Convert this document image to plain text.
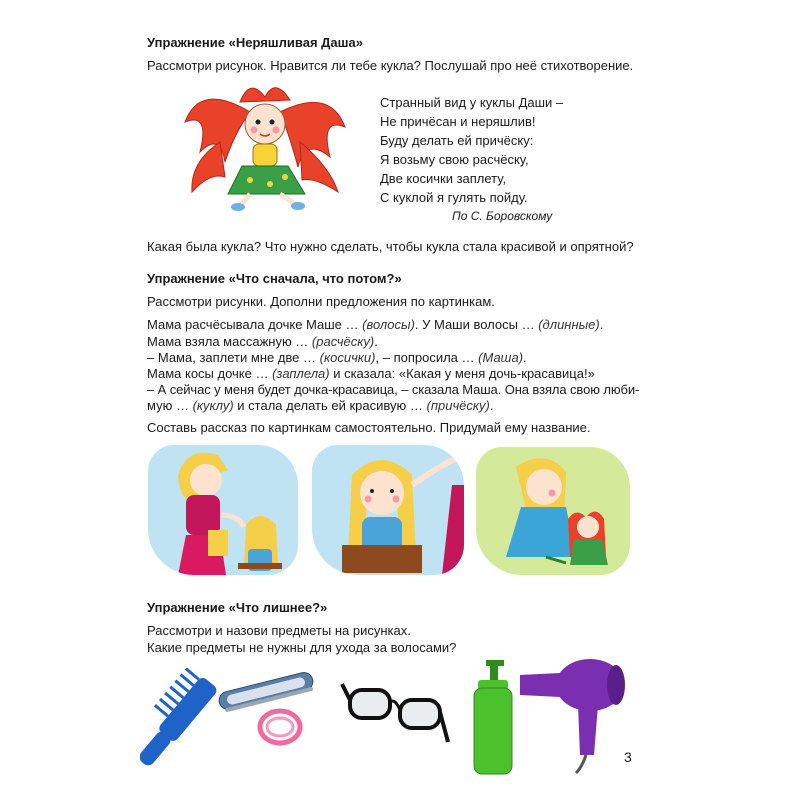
Упражнение «Неряшливая Даша»
Рассмотри рисунок. Нравится ли тебе кукла? Послушай про неё стихотворение.
Странный вид у куклы Даши –
Не причёсан и неряшлив!
Буду делать ей причёску:
Я возьму свою расчёску,
Две косички заплету,
С куклой я гулять пойду.
По С. Боровскому
Какая была кукла? Что нужно сделать, чтобы кукла стала красивой и опрятной?
Упражнение «Что сначала, что потом?»
Рассмотри рисунки. Дополни предложения по картинкам.
Мама расчёсывала дочке Маше … (волосы). У Маши волосы … (длинные).
Мама взяла массажную … (расчёску).
– Мама, заплети мне две … (косички), – попросила … (Маша).
Мама косы дочке … (заплела) и сказала: «Какая у меня дочь-красавица!»
– А сейчас у меня будет дочка-красавица, – сказала Маша. Она взяла свою люби-
мую … (куклу) и стала делать ей красивую … (причёску).
Составь рассказ по картинкам самостоятельно. Придумай ему название.
Упражнение «Что лишнее?»
Рассмотри и назови предметы на рисунках.
Какие предметы не нужны для ухода за волосами?
3
